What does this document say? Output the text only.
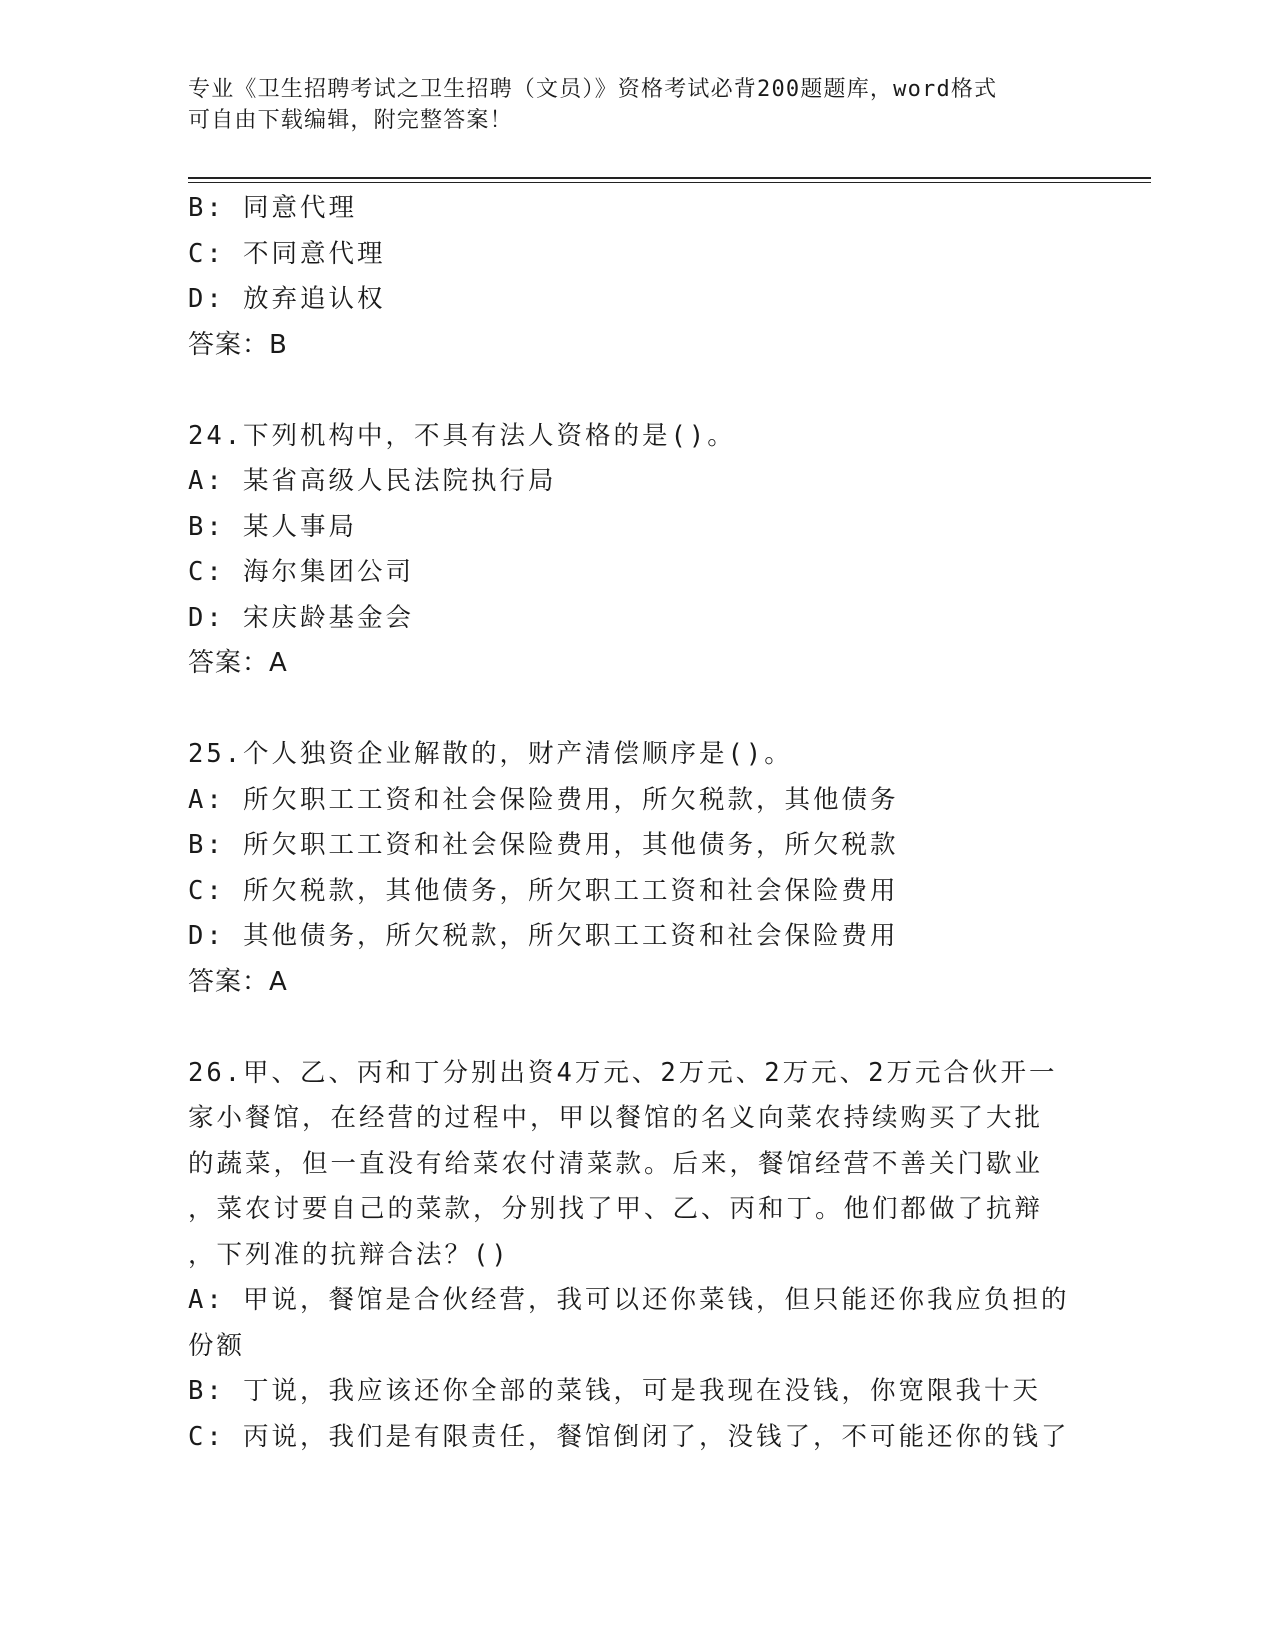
专业《卫生招聘考试之卫生招聘（文员）》资格考试必背200题题库，word格式
可自由下载编辑，附完整答案！
B: 同意代理
C: 不同意代理
D: 放弃追认权
答案：B
24.下列机构中，不具有法人资格的是()。
A: 某省高级人民法院执行局
B: 某人事局
C: 海尔集团公司
D: 宋庆龄基金会
答案：A
25.个人独资企业解散的，财产清偿顺序是()。
A: 所欠职工工资和社会保险费用，所欠税款，其他债务
B: 所欠职工工资和社会保险费用，其他债务，所欠税款
C: 所欠税款，其他债务，所欠职工工资和社会保险费用
D: 其他债务，所欠税款，所欠职工工资和社会保险费用
答案：A
26.甲、乙、丙和丁分别出资4万元、2万元、2万元、2万元合伙开一
家小餐馆，在经营的过程中，甲以餐馆的名义向菜农持续购买了大批
的蔬菜，但一直没有给菜农付清菜款。后来，餐馆经营不善关门歇业
，菜农讨要自己的菜款，分别找了甲、乙、丙和丁。他们都做了抗辩
，下列准的抗辩合法？()
A: 甲说，餐馆是合伙经营，我可以还你菜钱，但只能还你我应负担的
份额
B: 丁说，我应该还你全部的菜钱，可是我现在没钱，你宽限我十天
C: 丙说，我们是有限责任，餐馆倒闭了，没钱了，不可能还你的钱了
